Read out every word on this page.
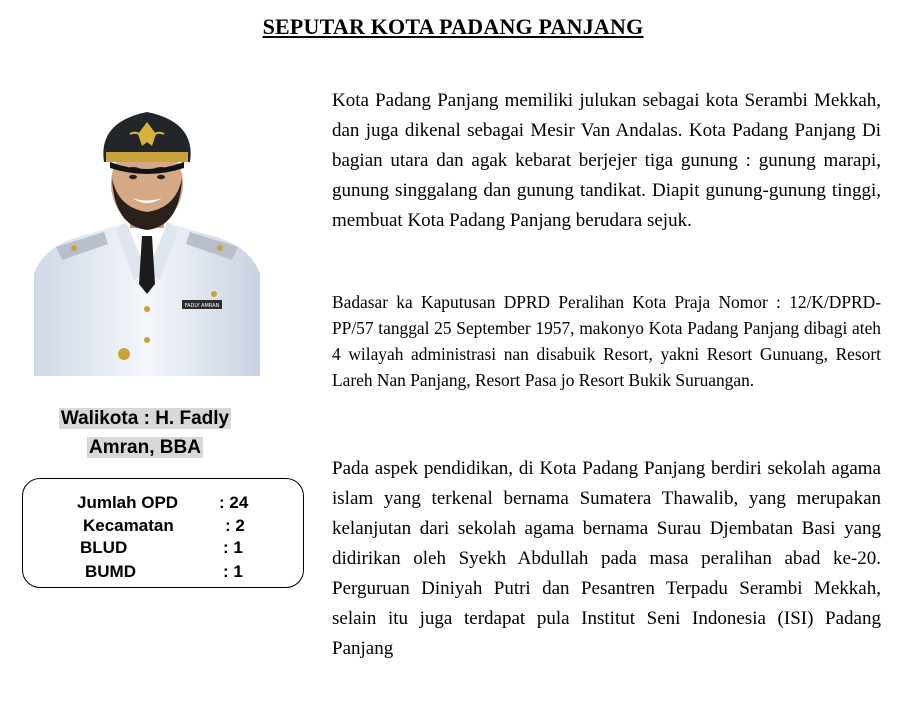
SEPUTAR KOTA PADANG PANJANG
FADLY AMRAN
Walikota : H. Fadly
Amran, BBA
Jumlah OPD : 24
Kecamatan	: 2
BLUD	: 1
BUMD	: 1

Kota Padang Panjang memiliki julukan sebagai kota Serambi Mekkah, dan juga dikenal sebagai Mesir Van Andalas. Kota Padang Panjang Di bagian utara dan agak kebarat berjejer tiga gunung : gunung marapi, gunung singgalang dan gunung tandikat. Diapit gunung-gunung tinggi, membuat Kota Padang Panjang berudara sejuk.

Badasar ka Kaputusan DPRD Peralihan Kota Praja Nomor : 12/K/DPRD-PP/57 tanggal 25 September 1957, makonyo Kota Padang Panjang dibagi ateh 4 wilayah administrasi nan disabuik Resort, yakni Resort Gunuang, Resort Lareh Nan Panjang, Resort Pasa jo Resort Bukik Suruangan.

Pada aspek pendidikan, di Kota Padang Panjang berdiri sekolah agama islam yang terkenal bernama Sumatera Thawalib, yang merupakan kelanjutan dari sekolah agama bernama Surau Djembatan Basi yang didirikan oleh Syekh Abdullah pada masa peralihan abad ke-20. Perguruan Diniyah Putri dan Pesantren Terpadu Serambi Mekkah, selain itu juga terdapat pula Institut Seni Indonesia (ISI) Padang Panjang
